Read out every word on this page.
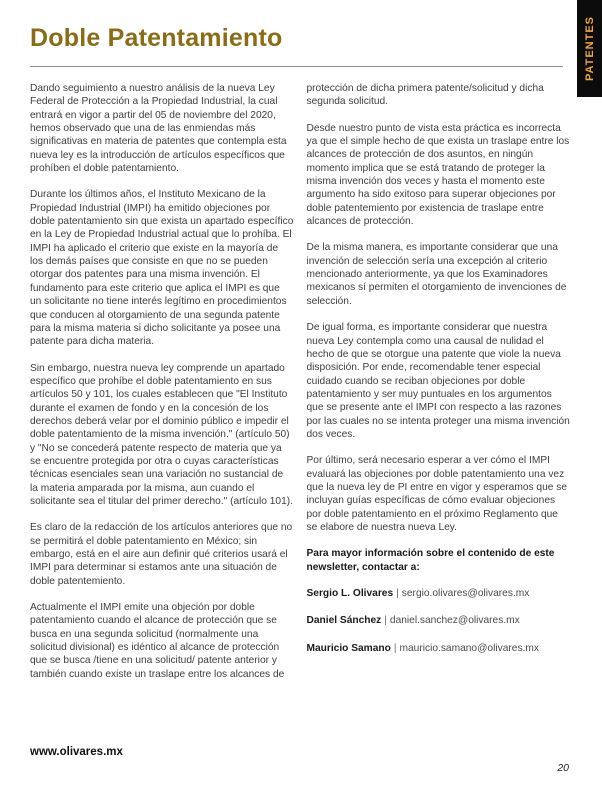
PATENTES
Doble Patentamiento

Dando seguimiento a nuestro análisis de la nueva Ley Federal de Protección a la Propiedad Industrial, la cual entrará en vigor a partir del 05 de noviembre del 2020, hemos observado que una de las enmiendas más significativas en materia de patentes que contempla esta nueva ley es la introducción de artículos específicos que prohíben el doble patentamiento.

Durante los últimos años, el Instituto Mexicano de la Propiedad Industrial (IMPI) ha emitido objeciones por doble patentamiento sin que exista un apartado específico en la Ley de Propiedad Industrial actual que lo prohíba. El IMPI ha aplicado el criterio que existe en la mayoría de los demás países que consiste en que no se pueden otorgar dos patentes para una misma invención. El fundamento para este criterio que aplica el IMPI es que un solicitante no tiene interés legítimo en procedimientos que conducen al otorgamiento de una segunda patente para la misma materia si dicho solicitante ya posee una patente para dicha materia.

Sin embargo, nuestra nueva ley comprende un apartado específico que prohíbe el doble patentamiento en sus artículos 50 y 101, los cuales establecen que "El Instituto durante el examen de fondo y en la concesión de los derechos deberá velar por el dominio público e impedir el doble patentamiento de la misma invención." (artículo 50) y "No se concederá patente respecto de materia que ya se encuentre protegida por otra o cuyas características técnicas esenciales sean una variación no sustancial de la materia amparada por la misma, aun cuando el solicitante sea el titular del primer derecho." (artículo 101).

Es claro de la redacción de los artículos anteriores que no se permitirá el doble patentamiento en México; sin embargo, está en el aire aun definir qué criterios usará el IMPI para determinar si estamos ante una situación de doble patentemiento.

Actualmente el IMPI emite una objeción por doble patentamiento cuando el alcance de protección que se busca en una segunda solicitud (normalmente una solicitud divisional) es idéntico al alcance de protección que se busca /tiene en una solicitud/ patente anterior y también cuando existe un traslape entre los alcances de

protección de dicha primera patente/solicitud y dicha segunda solicitud.

Desde nuestro punto de vista esta práctica es incorrecta ya que el simple hecho de que exista un traslape entre los alcances de protección de dos asuntos, en ningún momento implica que se está tratando de proteger la misma invención dos veces y hasta el momento este argumento ha sido exitoso para superar objeciones por doble patentemiento por existencia de traslape entre alcances de protección.

De la misma manera, es importante considerar que una invención de selección sería una excepción al criterio mencionado anteriormente, ya que los Examinadores mexicanos sí permiten el otorgamiento de invenciones de selección.

De igual forma, es importante considerar que nuestra nueva Ley contempla como una causal de nulidad el hecho de que se otorgue una patente que viole la nueva disposición. Por ende, recomendable tener especial cuidado cuando se reciban objeciones por doble patentamiento y ser muy puntuales en los argumentos que se presente ante el IMPI con respecto a las razones por las cuales no se intenta proteger una misma invención dos veces.

Por último, será necesario esperar a ver cómo el IMPI evaluará las objeciones por doble patentamiento una vez que la nueva ley de PI entre en vigor y esperamos que se incluyan guías específicas de cómo evaluar objeciones por doble patentamiento en el próximo Reglamento que se elabore de nuestra nueva Ley.

Para mayor información sobre el contenido de este newsletter, contactar a:

Sergio L. Olivares | sergio.olivares@olivares.mx

Daniel Sánchez | daniel.sanchez@olivares.mx

Mauricio Samano | mauricio.samano@olivares.mx

www.olivares.mx
20
